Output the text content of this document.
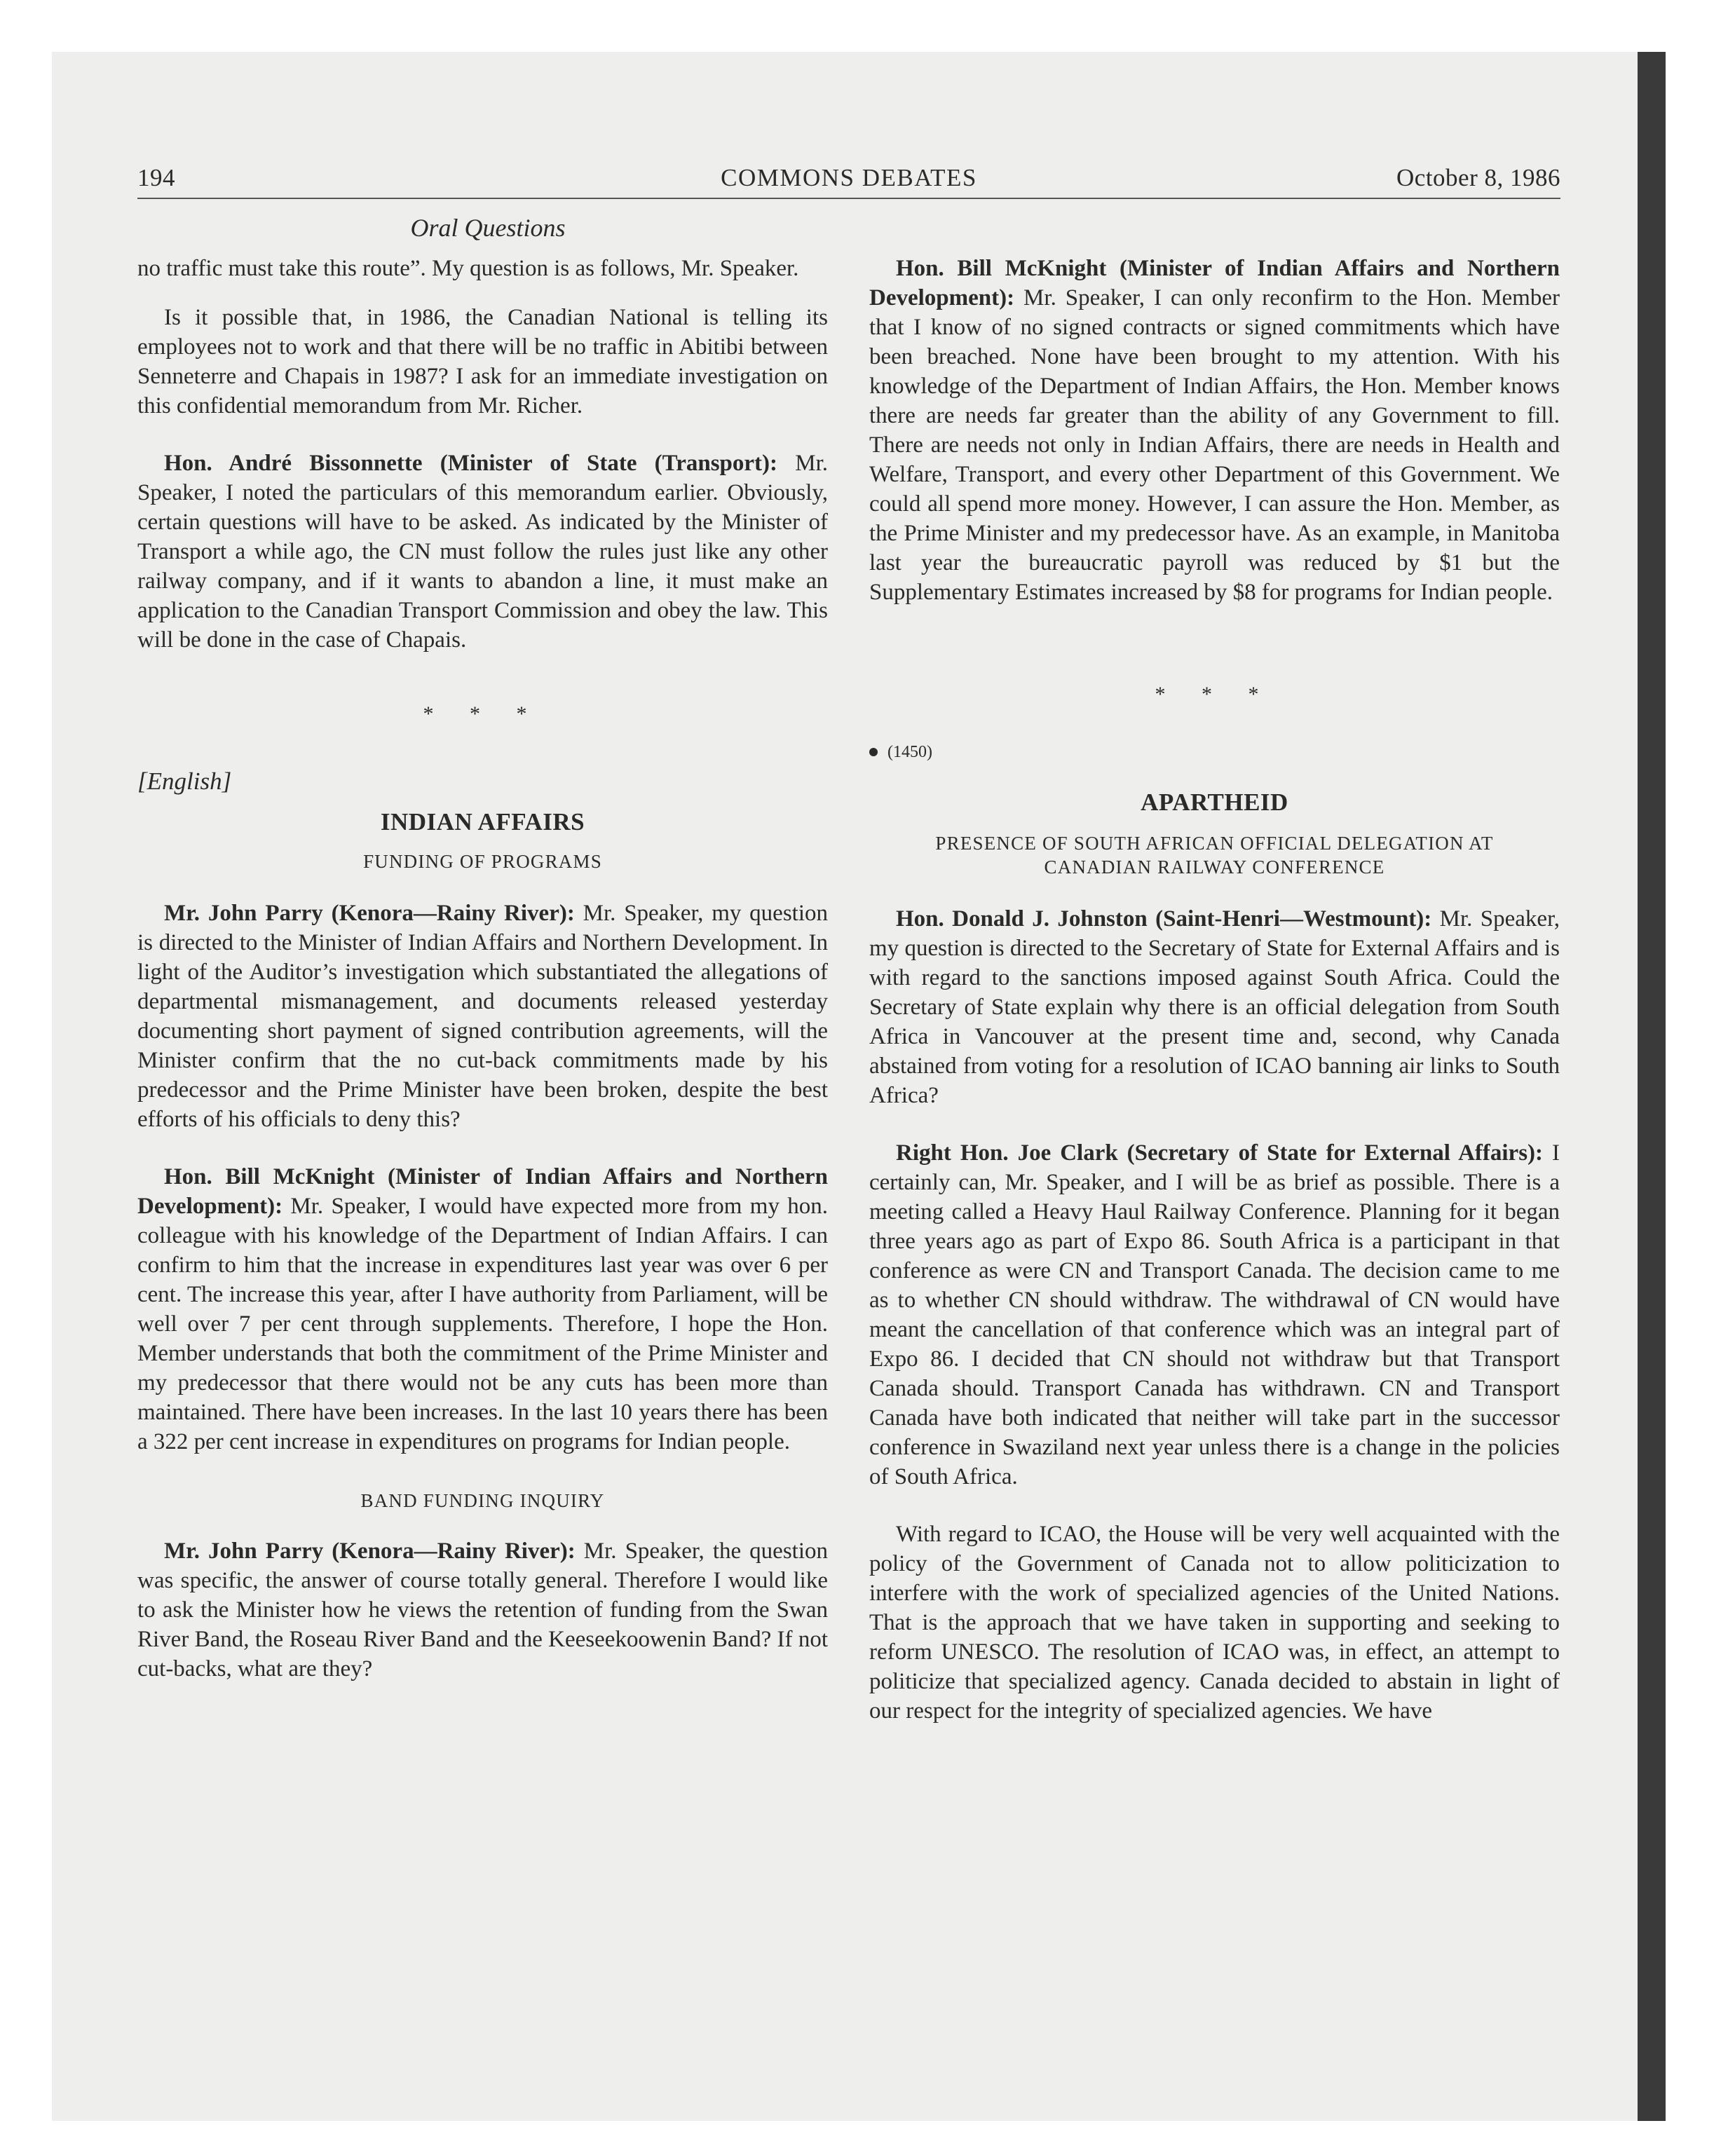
194	COMMONS DEBATES	October 8, 1986
Oral Questions

no traffic must take this route”. My question is as follows, Mr. Speaker.

Is it possible that, in 1986, the Canadian National is telling its employees not to work and that there will be no traffic in Abitibi between Senneterre and Chapais in 1987? I ask for an immediate investigation on this confidential memorandum from Mr. Richer.

Hon. André Bissonnette (Minister of State (Transport): Mr. Speaker, I noted the particulars of this memorandum earlier. Obviously, certain questions will have to be asked. As indicated by the Minister of Transport a while ago, the CN must follow the rules just like any other railway company, and if it wants to abandon a line, it must make an application to the Canadian Transport Commission and obey the law. This will be done in the case of Chapais.

* * *
[English]
INDIAN AFFAIRS
FUNDING OF PROGRAMS

Mr. John Parry (Kenora—Rainy River): Mr. Speaker, my question is directed to the Minister of Indian Affairs and Northern Development. In light of the Auditor’s investigation which substantiated the allegations of departmental mismanagement, and documents released yesterday documenting short payment of signed contribution agreements, will the Minister confirm that the no cut-back commitments made by his predecessor and the Prime Minister have been broken, despite the best efforts of his officials to deny this?

Hon. Bill McKnight (Minister of Indian Affairs and Northern Development): Mr. Speaker, I would have expected more from my hon. colleague with his knowledge of the Department of Indian Affairs. I can confirm to him that the increase in expenditures last year was over 6 per cent. The increase this year, after I have authority from Parliament, will be well over 7 per cent through supplements. Therefore, I hope the Hon. Member understands that both the commitment of the Prime Minister and my predecessor that there would not be any cuts has been more than maintained. There have been increases. In the last 10 years there has been a 322 per cent increase in expenditures on programs for Indian people.

BAND FUNDING INQUIRY

Mr. John Parry (Kenora—Rainy River): Mr. Speaker, the question was specific, the answer of course totally general. Therefore I would like to ask the Minister how he views the retention of funding from the Swan River Band, the Roseau River Band and the Keeseekoowenin Band? If not cut-backs, what are they?

Hon. Bill McKnight (Minister of Indian Affairs and Northern Development): Mr. Speaker, I can only reconfirm to the Hon. Member that I know of no signed contracts or signed commitments which have been breached. None have been brought to my attention. With his knowledge of the Department of Indian Affairs, the Hon. Member knows there are needs far greater than the ability of any Government to fill. There are needs not only in Indian Affairs, there are needs in Health and Welfare, Transport, and every other Department of this Government. We could all spend more money. However, I can assure the Hon. Member, as the Prime Minister and my predecessor have. As an example, in Manitoba last year the bureaucratic payroll was reduced by $1 but the Supplementary Estimates increased by $8 for programs for Indian people.

* * *
(1450)
APARTHEID
PRESENCE OF SOUTH AFRICAN OFFICIAL DELEGATION AT CANADIAN RAILWAY CONFERENCE

Hon. Donald J. Johnston (Saint-Henri—Westmount): Mr. Speaker, my question is directed to the Secretary of State for External Affairs and is with regard to the sanctions imposed against South Africa. Could the Secretary of State explain why there is an official delegation from South Africa in Vancouver at the present time and, second, why Canada abstained from voting for a resolution of ICAO banning air links to South Africa?

Right Hon. Joe Clark (Secretary of State for External Affairs): I certainly can, Mr. Speaker, and I will be as brief as possible. There is a meeting called a Heavy Haul Railway Conference. Planning for it began three years ago as part of Expo 86. South Africa is a participant in that conference as were CN and Transport Canada. The decision came to me as to whether CN should withdraw. The withdrawal of CN would have meant the cancellation of that conference which was an integral part of Expo 86. I decided that CN should not withdraw but that Transport Canada should. Transport Canada has withdrawn. CN and Transport Canada have both indicated that neither will take part in the successor conference in Swaziland next year unless there is a change in the policies of South Africa.

With regard to ICAO, the House will be very well acquainted with the policy of the Government of Canada not to allow politicization to interfere with the work of specialized agencies of the United Nations. That is the approach that we have taken in supporting and seeking to reform UNESCO. The resolution of ICAO was, in effect, an attempt to politicize that specialized agency. Canada decided to abstain in light of our respect for the integrity of specialized agencies. We have
